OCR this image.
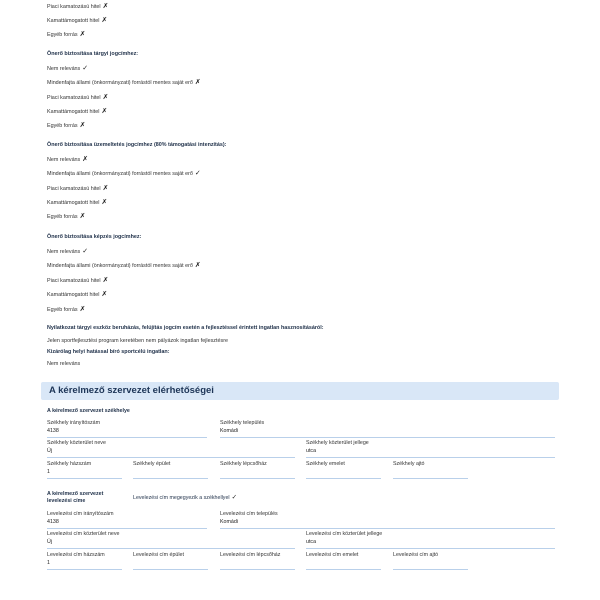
Piaci kamatozású hitel ✗
Kamattámogatott hitel ✗
Egyéb forrás ✗
Önerő biztosítása tárgyi jogcímhez:
Nem releváns ✓
Mindenfajta állami (önkormányzati) forrástól mentes saját erő ✗
Piaci kamatozású hitel ✗
Kamattámogatott hitel ✗
Egyéb forrás ✗
Önerő biztosítása üzemeltetés jogcímhez (80% támogatási intenzitás):
Nem releváns ✗
Mindenfajta állami (önkormányzati) forrástól mentes saját erő ✓
Piaci kamatozású hitel ✗
Kamattámogatott hitel ✗
Egyéb forrás ✗
Önerő biztosítása képzés jogcímhez:
Nem releváns ✓
Mindenfajta állami (önkormányzati) forrástól mentes saját erő ✗
Piaci kamatozású hitel ✗
Kamattámogatott hitel ✗
Egyéb forrás ✗
Nyilatkozat tárgyi eszköz beruházás, felújítás jogcím esetén a fejlesztéssel érintett ingatlan hasznosításáról:
Jelen sportfejlesztési program keretében nem pályázok ingatlan fejlesztésre
Kizárólag helyi hatással bíró sportcélú ingatlan:
Nem releváns
A kérelmező szervezet elérhetőségei
A kérelmező szervezet székhelye
Székhely irányítószám
4138
Székhely település
Komádi
Székhely közterület neve
Új
Székhely közterület jellege
utca
Székhely házszám
1
Székhely épület	Székhely lépcsőház	Székhely emelet	Székhely ajtó
A kérelmező szervezet levelezési címe	Levelezési cím megegyezik a székhellyel ✓
Levelezési cím irányítószám
4138
Levelezési cím település
Komádi
Levelezési cím közterület neve
Új
Levelezési cím közterület jellege
utca
Levelezési cím házszám
1
Levelezési cím épület	Levelezési cím lépcsőház	Levelezési cím emelet	Levelezési cím ajtó
